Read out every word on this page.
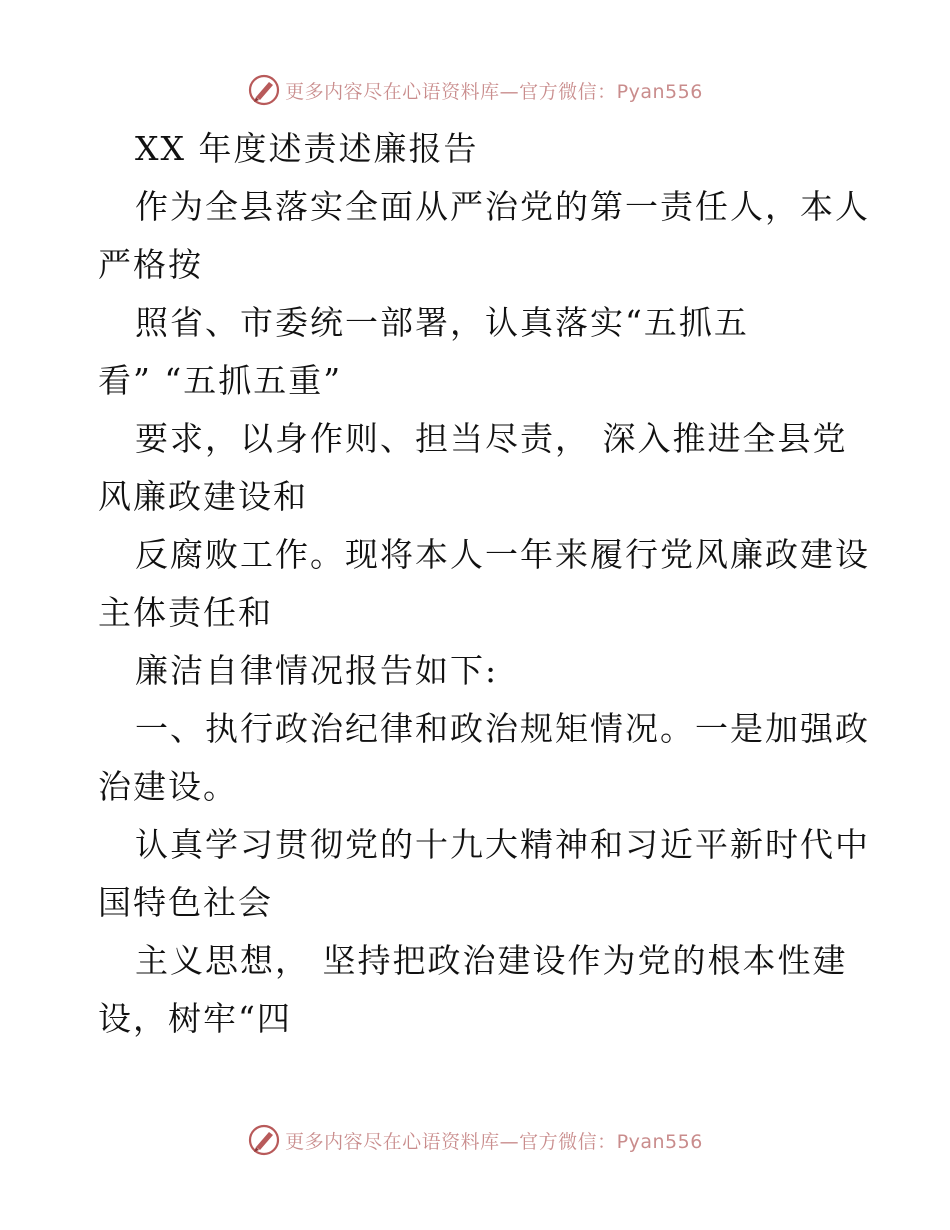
更多内容尽在心语资料库—官方微信：Pyan556
XX 年度述责述廉报告
作为全县落实全面从严治党的第一责任人，本人
严格按
照省、市委统一部署，认真落实“五抓五
看” “五抓五重”
要求，以身作则、担当尽责， 深入推进全县党
风廉政建设和
反腐败工作。现将本人一年来履行党风廉政建设
主体责任和
廉洁自律情况报告如下:
一、执行政治纪律和政治规矩情况。一是加强政
治建设。
认真学习贯彻党的十九大精神和习近平新时代中
国特色社会
主义思想， 坚持把政治建设作为党的根本性建
设，树牢“四
更多内容尽在心语资料库—官方微信：Pyan556
